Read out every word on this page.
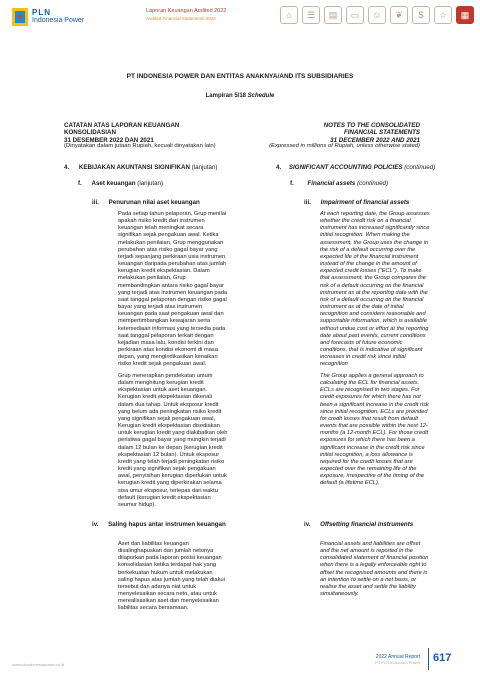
PLN
Indonesia Power
Laporan Keuangan Audited 2022
Audited Financial Statements 2022	⌂	☰	▤	▭	☺	❦	$	☆	▦
PT INDONESIA POWER DAN ENTITAS ANAKNYA/AND ITS SUBSIDIARIES
Lampiran 5/18 Schedule
CATATAN ATAS LAPORAN KEUANGAN
KONSOLIDASIAN
31 DESEMBER 2022 DAN 2021
(Dinyatakan dalam jutaan Rupiah, kecuali dinyatakan lain)
NOTES TO THE CONSOLIDATED
FINANCIAL STATEMENTS
31 DECEMBER 2022 AND 2021
(Expressed in millions of Rupiah, unless otherwise stated)
4. KEBIJAKAN AKUNTANSI SIGNIFIKAN (lanjutan)	4. SIGNIFICANT ACCOUNTING POLICIES (continued)
f. Aset keuangan (lanjutan)	f. Financial assets (continued)
iii. Penurunan nilai aset keuangan	iii. Impairment of financial assets
Pada setiap tahun pelaporan, Grup menilai
apakah risiko kredit dari instrumen
keuangan telah meningkat secara
signifikan sejak pengakuan awal. Ketika
melakukan penilaian, Grup menggunakan
perubahan atas risiko gagal bayar yang
terjadi sepanjang perkiraan usia instrumen
keuangan daripada perubahan atas jumlah
kerugian kredit ekspektasian. Dalam
melakukan penilaian, Grup
membandingkan antara risiko gagal bayar
yang terjadi atas instrumen keuangan pada
saat tanggal pelaporan dengan risiko gagal
bayar yang terjadi atas instrumen
keuangan pada saat pengakuan awal dan
mempertimbangkan kewajaran serta
ketersediaan informasi yang tersedia pada
saat tanggal pelaporan terkait dengan
kejadian masa lalu, kondisi terkini dan
perkiraan atas kondisi ekonomi di masa
depan, yang mengindikasikan kenaikan
risiko kredit sejak pengakuan awal.
At each reporting date, the Group assesses
whether the credit risk on a financial
instrument has increased significantly since
initial recognition. When making the
assessment, the Group uses the change in
the risk of a default occurring over the
expected life of the financial instrument
instead of the change in the amount of
expected credit losses ("ECL"). To make
that assessment, the Group compares the
risk of a default occurring on the financial
instrument as at the reporting date with the
risk of a default occurring on the financial
instrument as at the date of initial
recognition and considers reasonable and
supportable information, which is available
without undue cost or effort at the reporting
date about past events, current conditions
and forecasts of future economic
conditions, that is indicative of significant
increases in credit risk since initial
recognition
Grup menerapkan pendekatan umum
dalam menghitung kerugian kredit
ekspektasian untuk aset keuangan.
Kerugian kredit ekspektasian dikenali
dalam dua tahap. Untuk eksposur kredit
yang belum ada peningkatan risiko kredit
yang signifikan sejak pengakuan awal,
Kerugian kredit ekspektasian disediakan
untuk kerugian kredit yang diakibatkan oleh
peristiwa gagal bayar yang mungkin terjadi
dalam 12 bulan ke depan (kerugian kredit
ekspektasian 12 bulan). Untuk eksposur
kredit yang telah terjadi peningkatan risiko
kredit yang signifikan sejak pengakuan
awal, penyisihan kerugian diperlukan untuk
kerugian kredit yang diperkirakan selama
sisa umur eksposur, terlepas dari waktu
default (kerugian kredit ekspektasian
seumur hidup).
The Group applies a general approach to
calculating the ECL for financial assets.
ECLs are recognised in two stages. For
credit exposures for which there has not
been a significant increase in the credit risk
since initial recognition, ECLs are provided
for credit losses that result from default
events that are possible within the next 12-
months (a 12-month ECL). For those credit
exposures for which there has been a
significant increase in the credit risk since
initial recognition, a loss allowance is
required for the credit losses that are
expected over the remaining life of the
exposure, irrespective of the timing of the
default (a lifetime ECL).
iv. Saling hapus antar instrumen keuangan	iv. Offsetting financial instruments
Aset dan liabilitas keuangan
disalinghapuskan dan jumlah netonya
dilaporkan pada laporan posisi keuangan
konsolidasian ketika terdapat hak yang
berkekuatan hukum untuk melakukan
saling hapus atas jumlah yang telah diakui
tersebut dan adanya niat untuk
menyelesaikan secara neto, atau untuk
merealisasikan aset dan menyelesaikan
liabilitas secara bersamaan.
Financial assets and liabilities are offset
and the net amount is reported in the
consolidated statement of financial position
when there is a legally enforceable right to
offset the recognised amounts and there is
an intention to settle on a net basis, or
realise the asset and settle the liability
simultaneously.
www.plnindonesiapower.co.id
2022 Annual Report
PT PLN Indonesia Power 617
